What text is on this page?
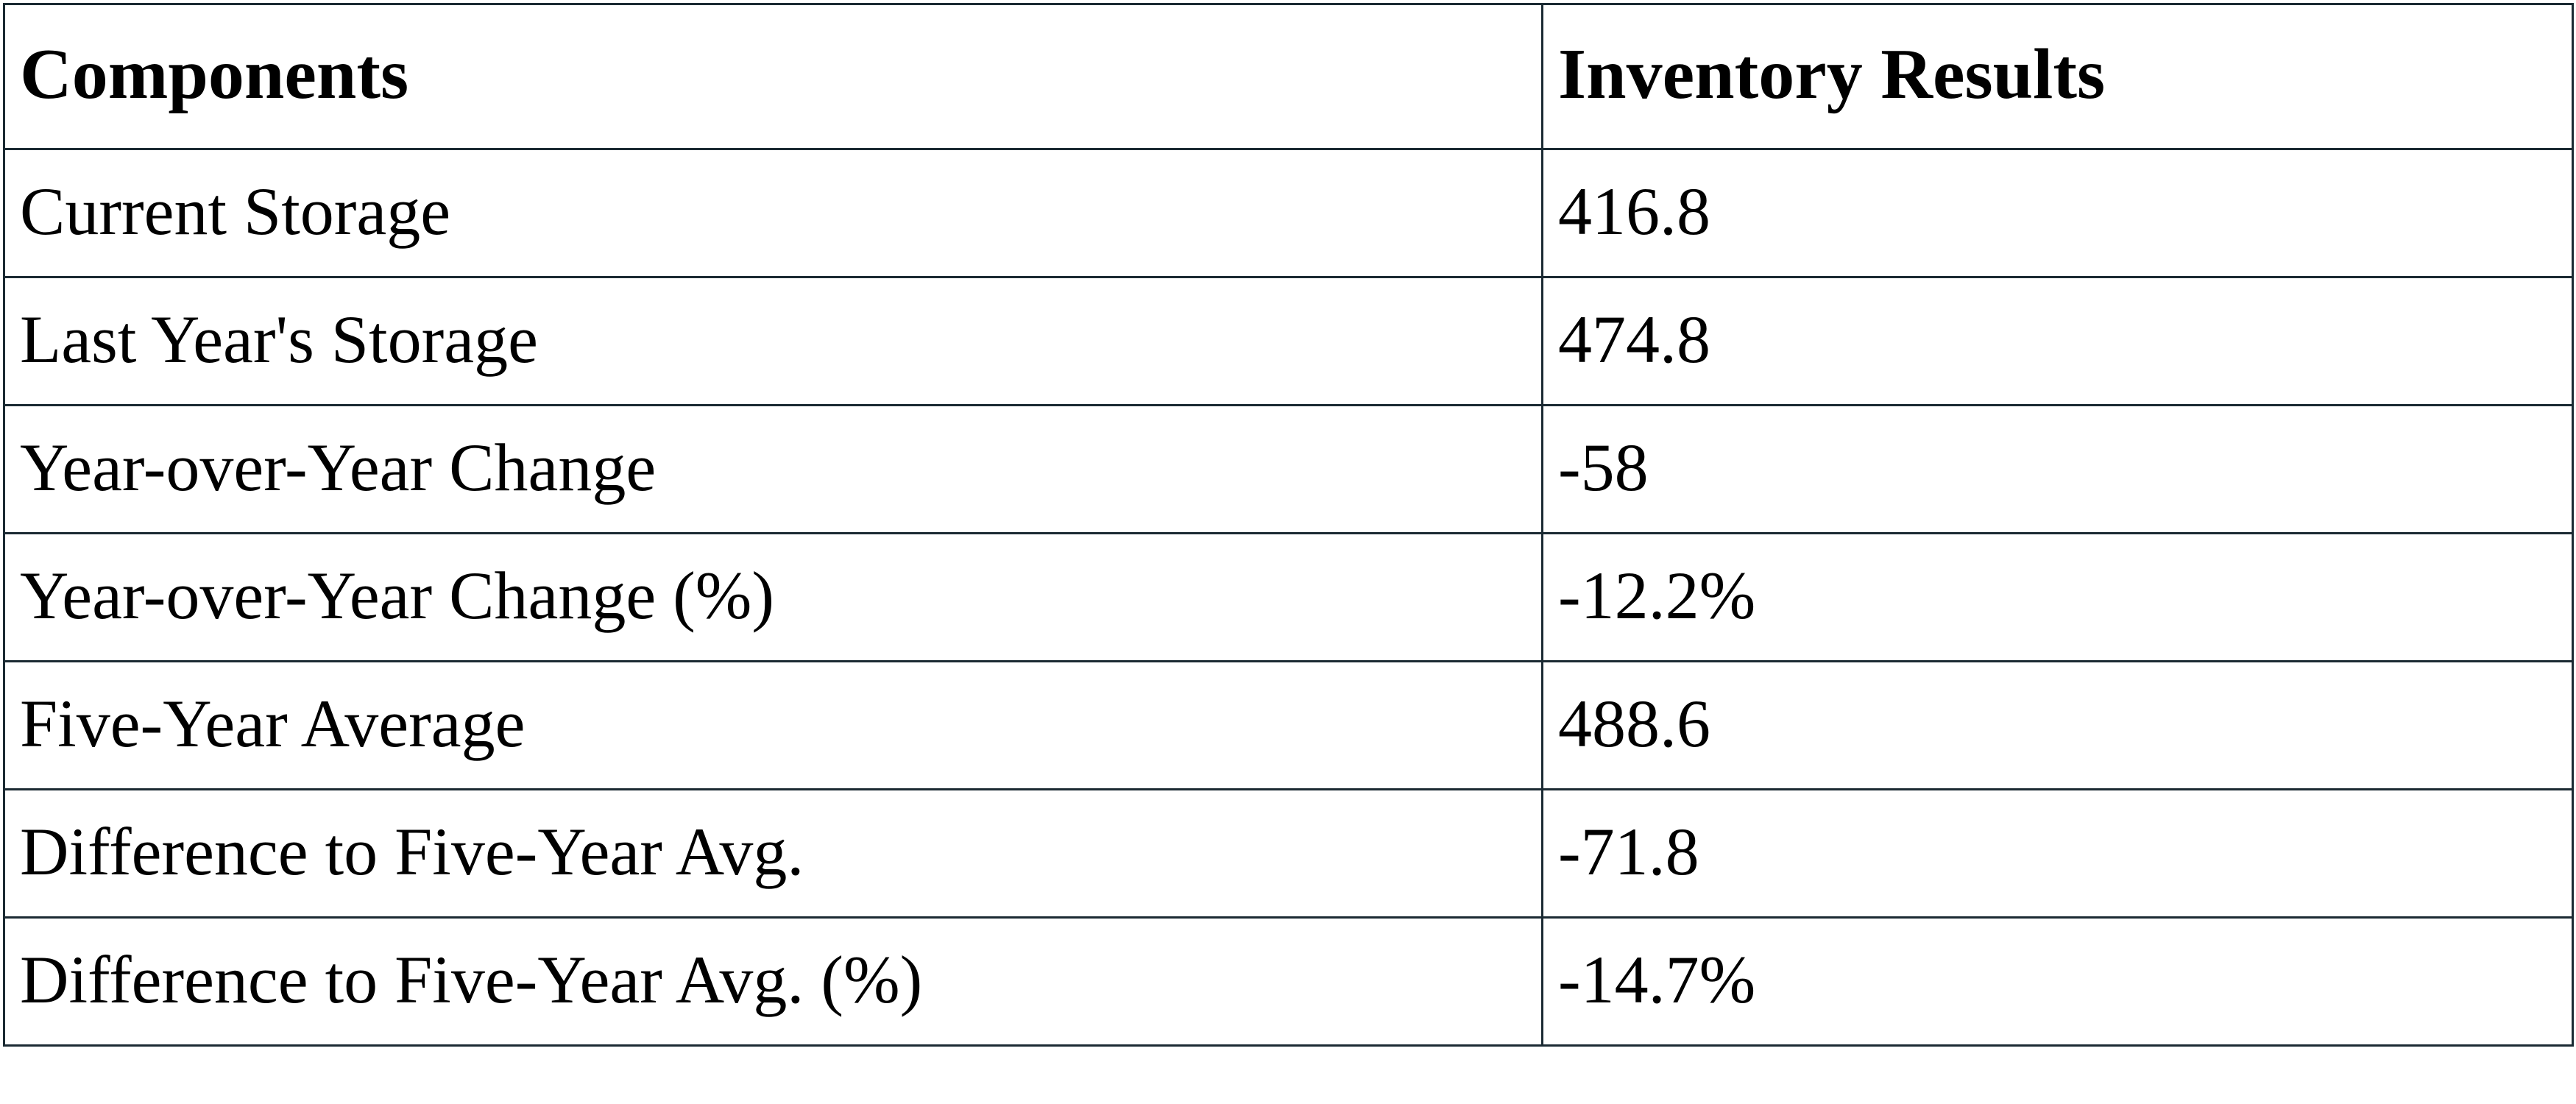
Components	Inventory Results
Current Storage	416.8
Last Year's Storage	474.8
Year-over-Year Change	-58
Year-over-Year Change (%)	-12.2%
Five-Year Average	488.6
Difference to Five-Year Avg.	-71.8
Difference to Five-Year Avg. (%)	-14.7%
